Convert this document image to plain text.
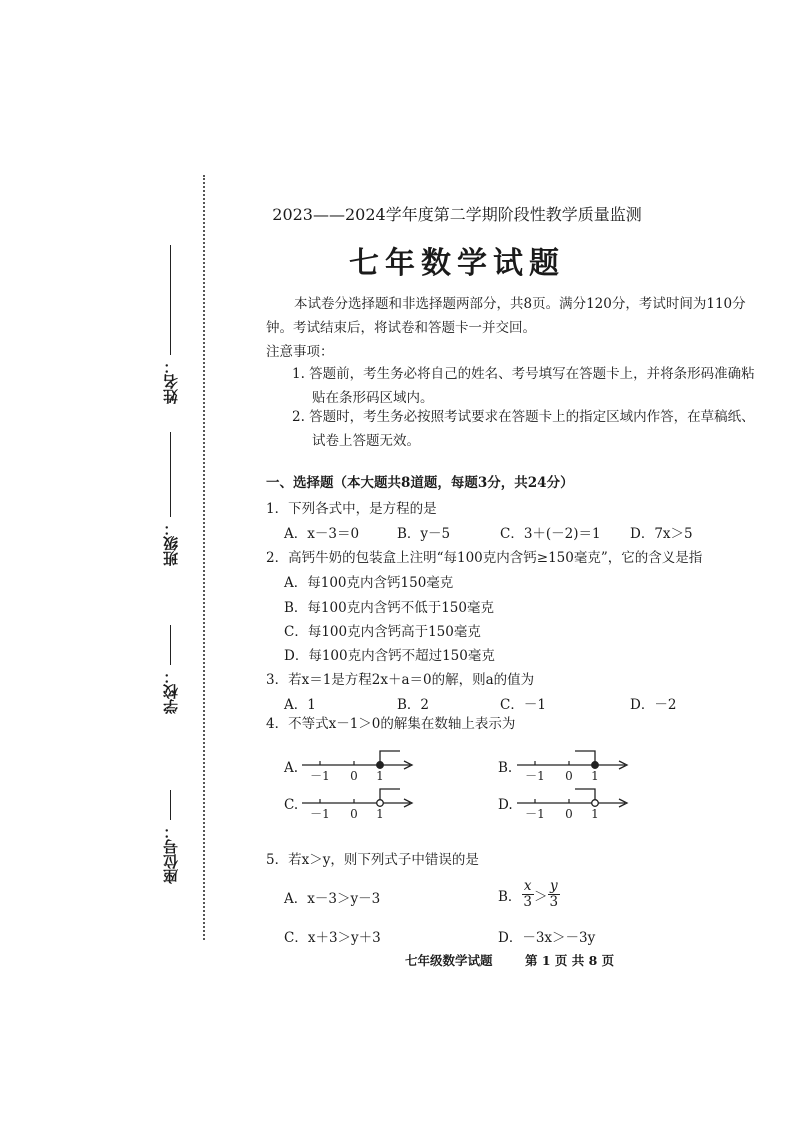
姓名：
班级：
学校：
座位号：
2023——2024学年度第二学期阶段性教学质量监测
七年数学试题
本试卷分选择题和非选择题两部分，共8页。满分120分，考试时间为110分钟。考试结束后，将试卷和答题卡一并交回。
注意事项：
1. 答题前，考生务必将自己的姓名、考号填写在答题卡上，并将条形码准确粘贴在条形码区域内。
2. 答题时，考生务必按照考试要求在答题卡上的指定区域内作答，在草稿纸、试卷上答题无效。
一、选择题（本大题共8道题，每题3分，共24分）
1．下列各式中，是方程的是
A．x－3＝0	B．y－5	C．3＋(－2)＝1 D．7x＞5
2．高钙牛奶的包装盒上注明“每100克内含钙≥150毫克”，它的含义是指
A．每100克内含钙150毫克
B．每100克内含钙不低于150毫克
C．每100克内含钙高于150毫克
D．每100克内含钙不超过150毫克
3．若x＝1是方程2x＋a＝0的解，则a的值为
A．1	B．2	C．－1	D．－2
4．不等式x－1＞0的解集在数轴上表示为
A.	B.
C.	D.
－1 0 1	－1 0 1
－1 0 1	－1 0 1
5．若x＞y，则下列式子中错误的是
A．x－3＞y－3	B． $\frac{x}{3} > \frac{y}{3}$
C．x＋3＞y＋3	D．－3x＞－3y
七年级数学试题	第 1 页 共 8 页
